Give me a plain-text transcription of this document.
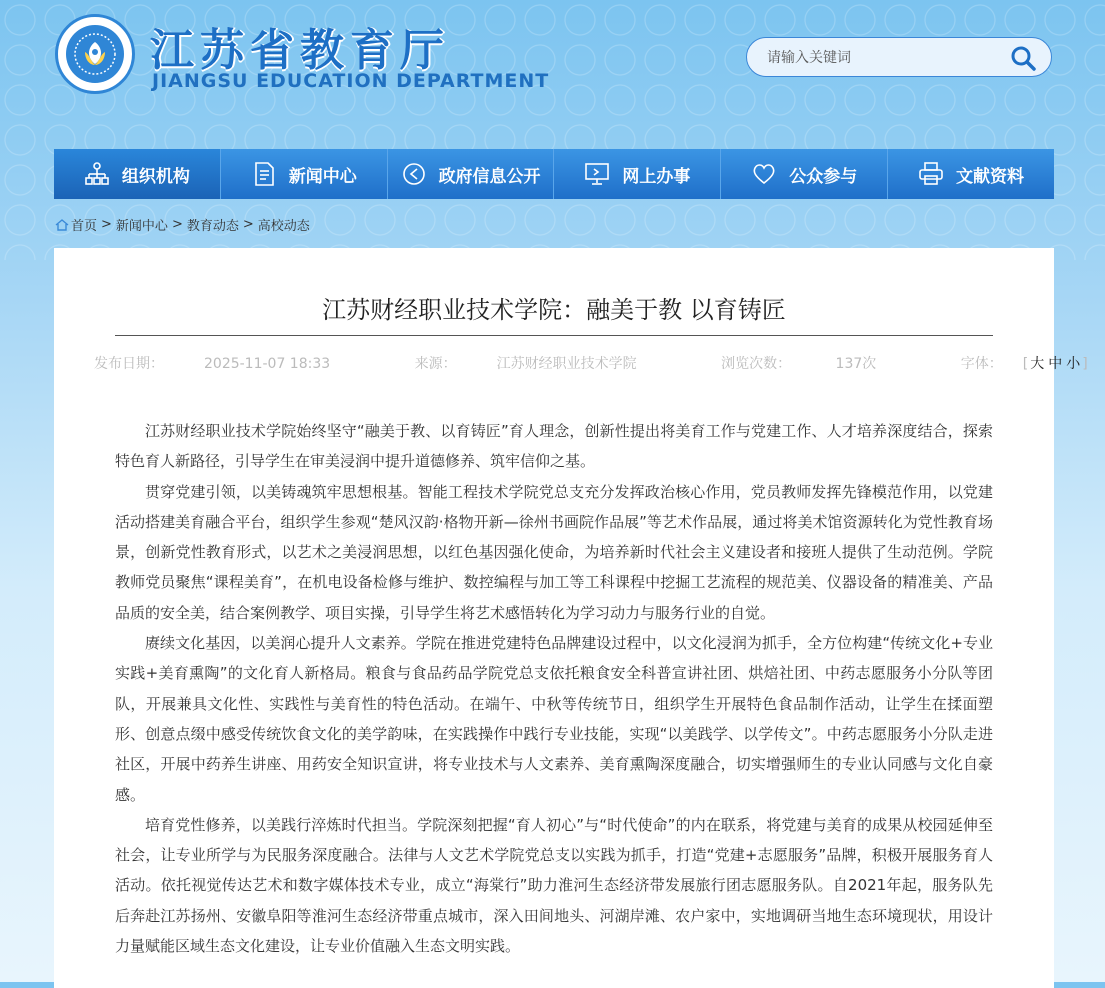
江苏省教育厅
JIANGSU EDUCATION DEPARTMENT
请输入关键词
组织机构	新闻中心	政府信息公开	网上办事	公众参与	文献资料
首页 > 新闻中心 > 教育动态 > 高校动态
江苏财经职业技术学院：融美于教 以育铸匠
发布日期：	2025-11-07 18:33	来源：	江苏财经职业技术学院	浏览次数：	137次	字体： [ 大 中 小 ]

江苏财经职业技术学院始终坚守“融美于教、以育铸匠”育人理念，创新性提出将美育工作与党建工作、人才培养深度结合，探索特色育人新路径，引导学生在审美浸润中提升道德修养、筑牢信仰之基。

贯穿党建引领，以美铸魂筑牢思想根基。智能工程技术学院党总支充分发挥政治核心作用，党员教师发挥先锋模范作用，以党建活动搭建美育融合平台，组织学生参观“楚风汉韵·格物开新—徐州书画院作品展”等艺术作品展，通过将美术馆资源转化为党性教育场景，创新党性教育形式，以艺术之美浸润思想，以红色基因强化使命，为培养新时代社会主义建设者和接班人提供了生动范例。学院教师党员聚焦“课程美育”，在机电设备检修与维护、数控编程与加工等工科课程中挖掘工艺流程的规范美、仪器设备的精准美、产品品质的安全美，结合案例教学、项目实操，引导学生将艺术感悟转化为学习动力与服务行业的自觉。

赓续文化基因，以美润心提升人文素养。学院在推进党建特色品牌建设过程中，以文化浸润为抓手，全方位构建“传统文化+专业实践+美育熏陶”的文化育人新格局。粮食与食品药品学院党总支依托粮食安全科普宣讲社团、烘焙社团、中药志愿服务小分队等团队，开展兼具文化性、实践性与美育性的特色活动。在端午、中秋等传统节日，组织学生开展特色食品制作活动，让学生在揉面塑形、创意点缀中感受传统饮食文化的美学韵味，在实践操作中践行专业技能，实现“以美践学、以学传文”。中药志愿服务小分队走进社区，开展中药养生讲座、用药安全知识宣讲，将专业技术与人文素养、美育熏陶深度融合，切实增强师生的专业认同感与文化自豪感。

培育党性修养，以美践行淬炼时代担当。学院深刻把握“育人初心”与“时代使命”的内在联系，将党建与美育的成果从校园延伸至社会，让专业所学与为民服务深度融合。法律与人文艺术学院党总支以实践为抓手，打造“党建+志愿服务”品牌，积极开展服务育人活动。依托视觉传达艺术和数字媒体技术专业，成立“海棠行”助力淮河生态经济带发展旅行团志愿服务队。自2021年起，服务队先后奔赴江苏扬州、安徽阜阳等淮河生态经济带重点城市，深入田间地头、河湖岸滩、农户家中，实地调研当地生态环境现状，用设计力量赋能区域生态文化建设，让专业价值融入生态文明实践。
